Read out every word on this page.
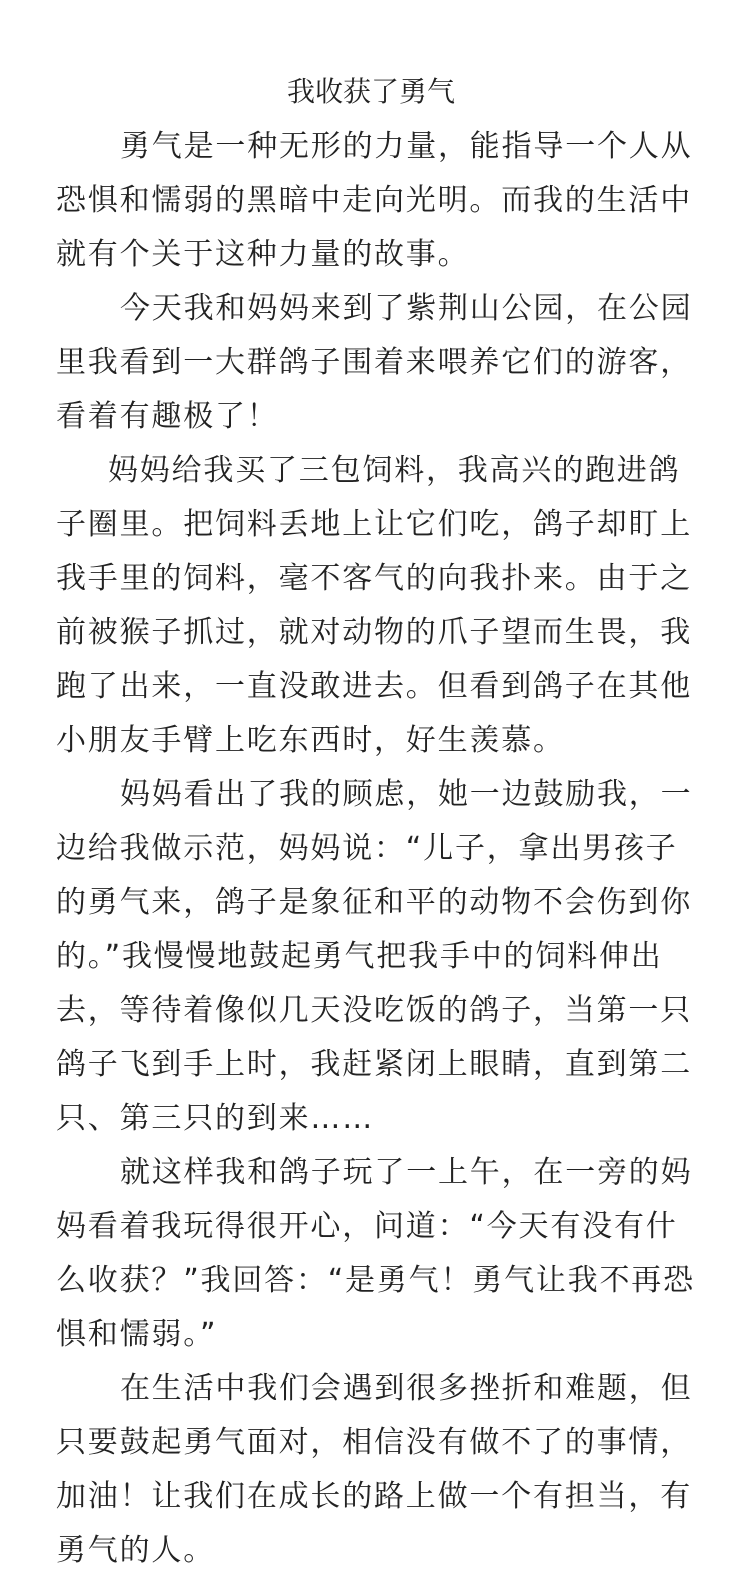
我收获了勇气

勇气是一种无形的力量，能指导一个人从恐惧和懦弱的黑暗中走向光明。而我的生活中就有个关于这种力量的故事。

今天我和妈妈来到了紫荆山公园，在公园里我看到一大群鸽子围着来喂养它们的游客，看着有趣极了！

妈妈给我买了三包饲料，我高兴的跑进鸽子圈里。把饲料丢地上让它们吃，鸽子却盯上我手里的饲料，毫不客气的向我扑来。由于之前被猴子抓过，就对动物的爪子望而生畏，我跑了出来，一直没敢进去。但看到鸽子在其他小朋友手臂上吃东西时，好生羡慕。

妈妈看出了我的顾虑，她一边鼓励我，一边给我做示范，妈妈说：“儿子，拿出男孩子的勇气来，鸽子是象征和平的动物不会伤到你的。”我慢慢地鼓起勇气把我手中的饲料伸出去，等待着像似几天没吃饭的鸽子，当第一只鸽子飞到手上时，我赶紧闭上眼睛，直到第二只、第三只的到来……

就这样我和鸽子玩了一上午，在一旁的妈妈看着我玩得很开心，问道：“今天有没有什么收获？”我回答：“是勇气！勇气让我不再恐惧和懦弱。”

在生活中我们会遇到很多挫折和难题，但只要鼓起勇气面对，相信没有做不了的事情，加油！让我们在成长的路上做一个有担当，有勇气的人。
